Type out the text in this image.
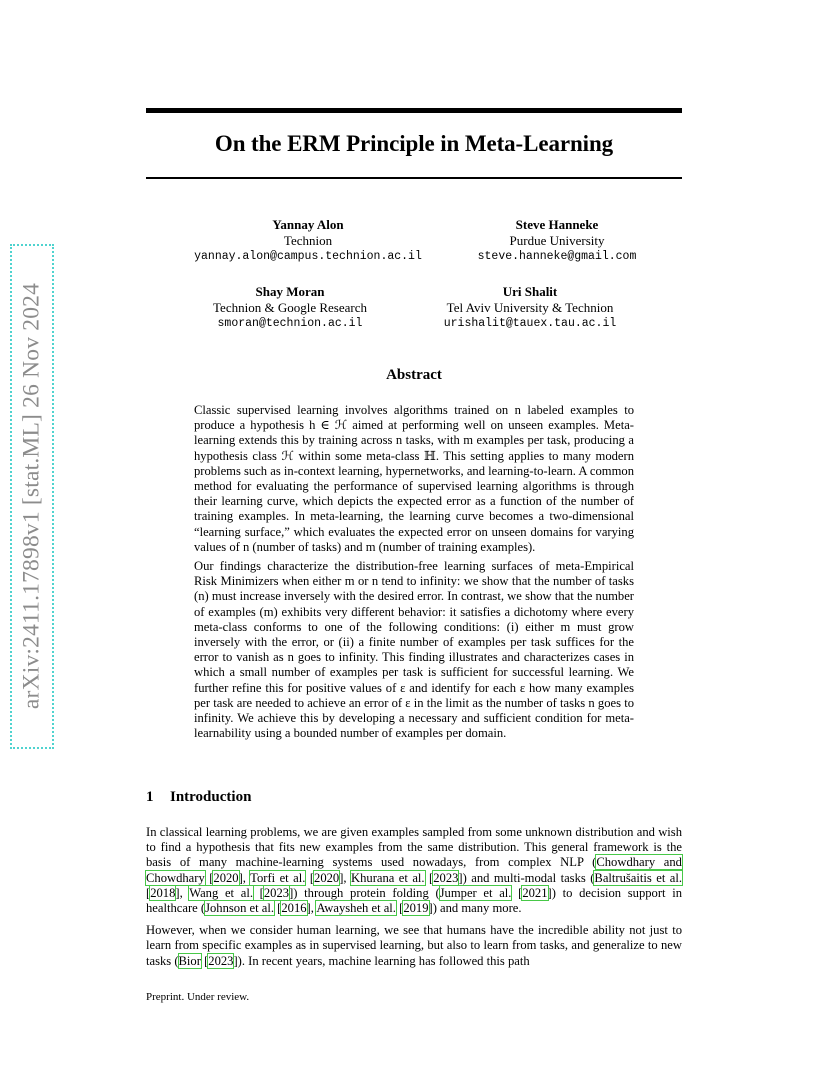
arXiv:2411.17898v1 [stat.ML] 26 Nov 2024
On the ERM Principle in Meta-Learning
Yannay Alon
Technion
yannay.alon@campus.technion.ac.il
Steve Hanneke
Purdue University
steve.hanneke@gmail.com
Shay Moran
Technion & Google Research
smoran@technion.ac.il
Uri Shalit
Tel Aviv University & Technion
urishalit@tauex.tau.ac.il
Abstract

Classic supervised learning involves algorithms trained on n labeled examples to produce a hypothesis h ∈ ℋ aimed at performing well on unseen examples. Meta-learning extends this by training across n tasks, with m examples per task, producing a hypothesis class ℋ within some meta-class ℍ. This setting applies to many modern problems such as in-context learning, hypernetworks, and learning-to-learn. A common method for evaluating the performance of supervised learning algorithms is through their learning curve, which depicts the expected error as a function of the number of training examples. In meta-learning, the learning curve becomes a two-dimensional “learning surface,” which evaluates the expected error on unseen domains for varying values of n (number of tasks) and m (number of training examples).

Our findings characterize the distribution-free learning surfaces of meta-Empirical Risk Minimizers when either m or n tend to infinity: we show that the number of tasks (n) must increase inversely with the desired error. In contrast, we show that the number of examples (m) exhibits very different behavior: it satisfies a dichotomy where every meta-class conforms to one of the following conditions: (i) either m must grow inversely with the error, or (ii) a finite number of examples per task suffices for the error to vanish as n goes to infinity. This finding illustrates and characterizes cases in which a small number of examples per task is sufficient for successful learning. We further refine this for positive values of ε and identify for each ε how many examples per task are needed to achieve an error of ε in the limit as the number of tasks n goes to infinity. We achieve this by developing a necessary and sufficient condition for meta-learnability using a bounded number of examples per domain.

1 Introduction

In classical learning problems, we are given examples sampled from some unknown distribution and wish to find a hypothesis that fits new examples from the same distribution. This general framework is the basis of many machine-learning systems used nowadays, from complex NLP (Chowdhary and Chowdhary [2020], Torfi et al. [2020], Khurana et al. [2023]) and multi-modal tasks (Baltrušaitis et al. [2018], Wang et al. [2023]) through protein folding (Jumper et al. [2021]) to decision support in healthcare (Johnson et al. [2016], Awaysheh et al. [2019]) and many more.

However, when we consider human learning, we see that humans have the incredible ability not just to learn from specific examples as in supervised learning, but also to learn from tasks, and generalize to new tasks (Bior [2023]). In recent years, machine learning has followed this path

Preprint. Under review.
